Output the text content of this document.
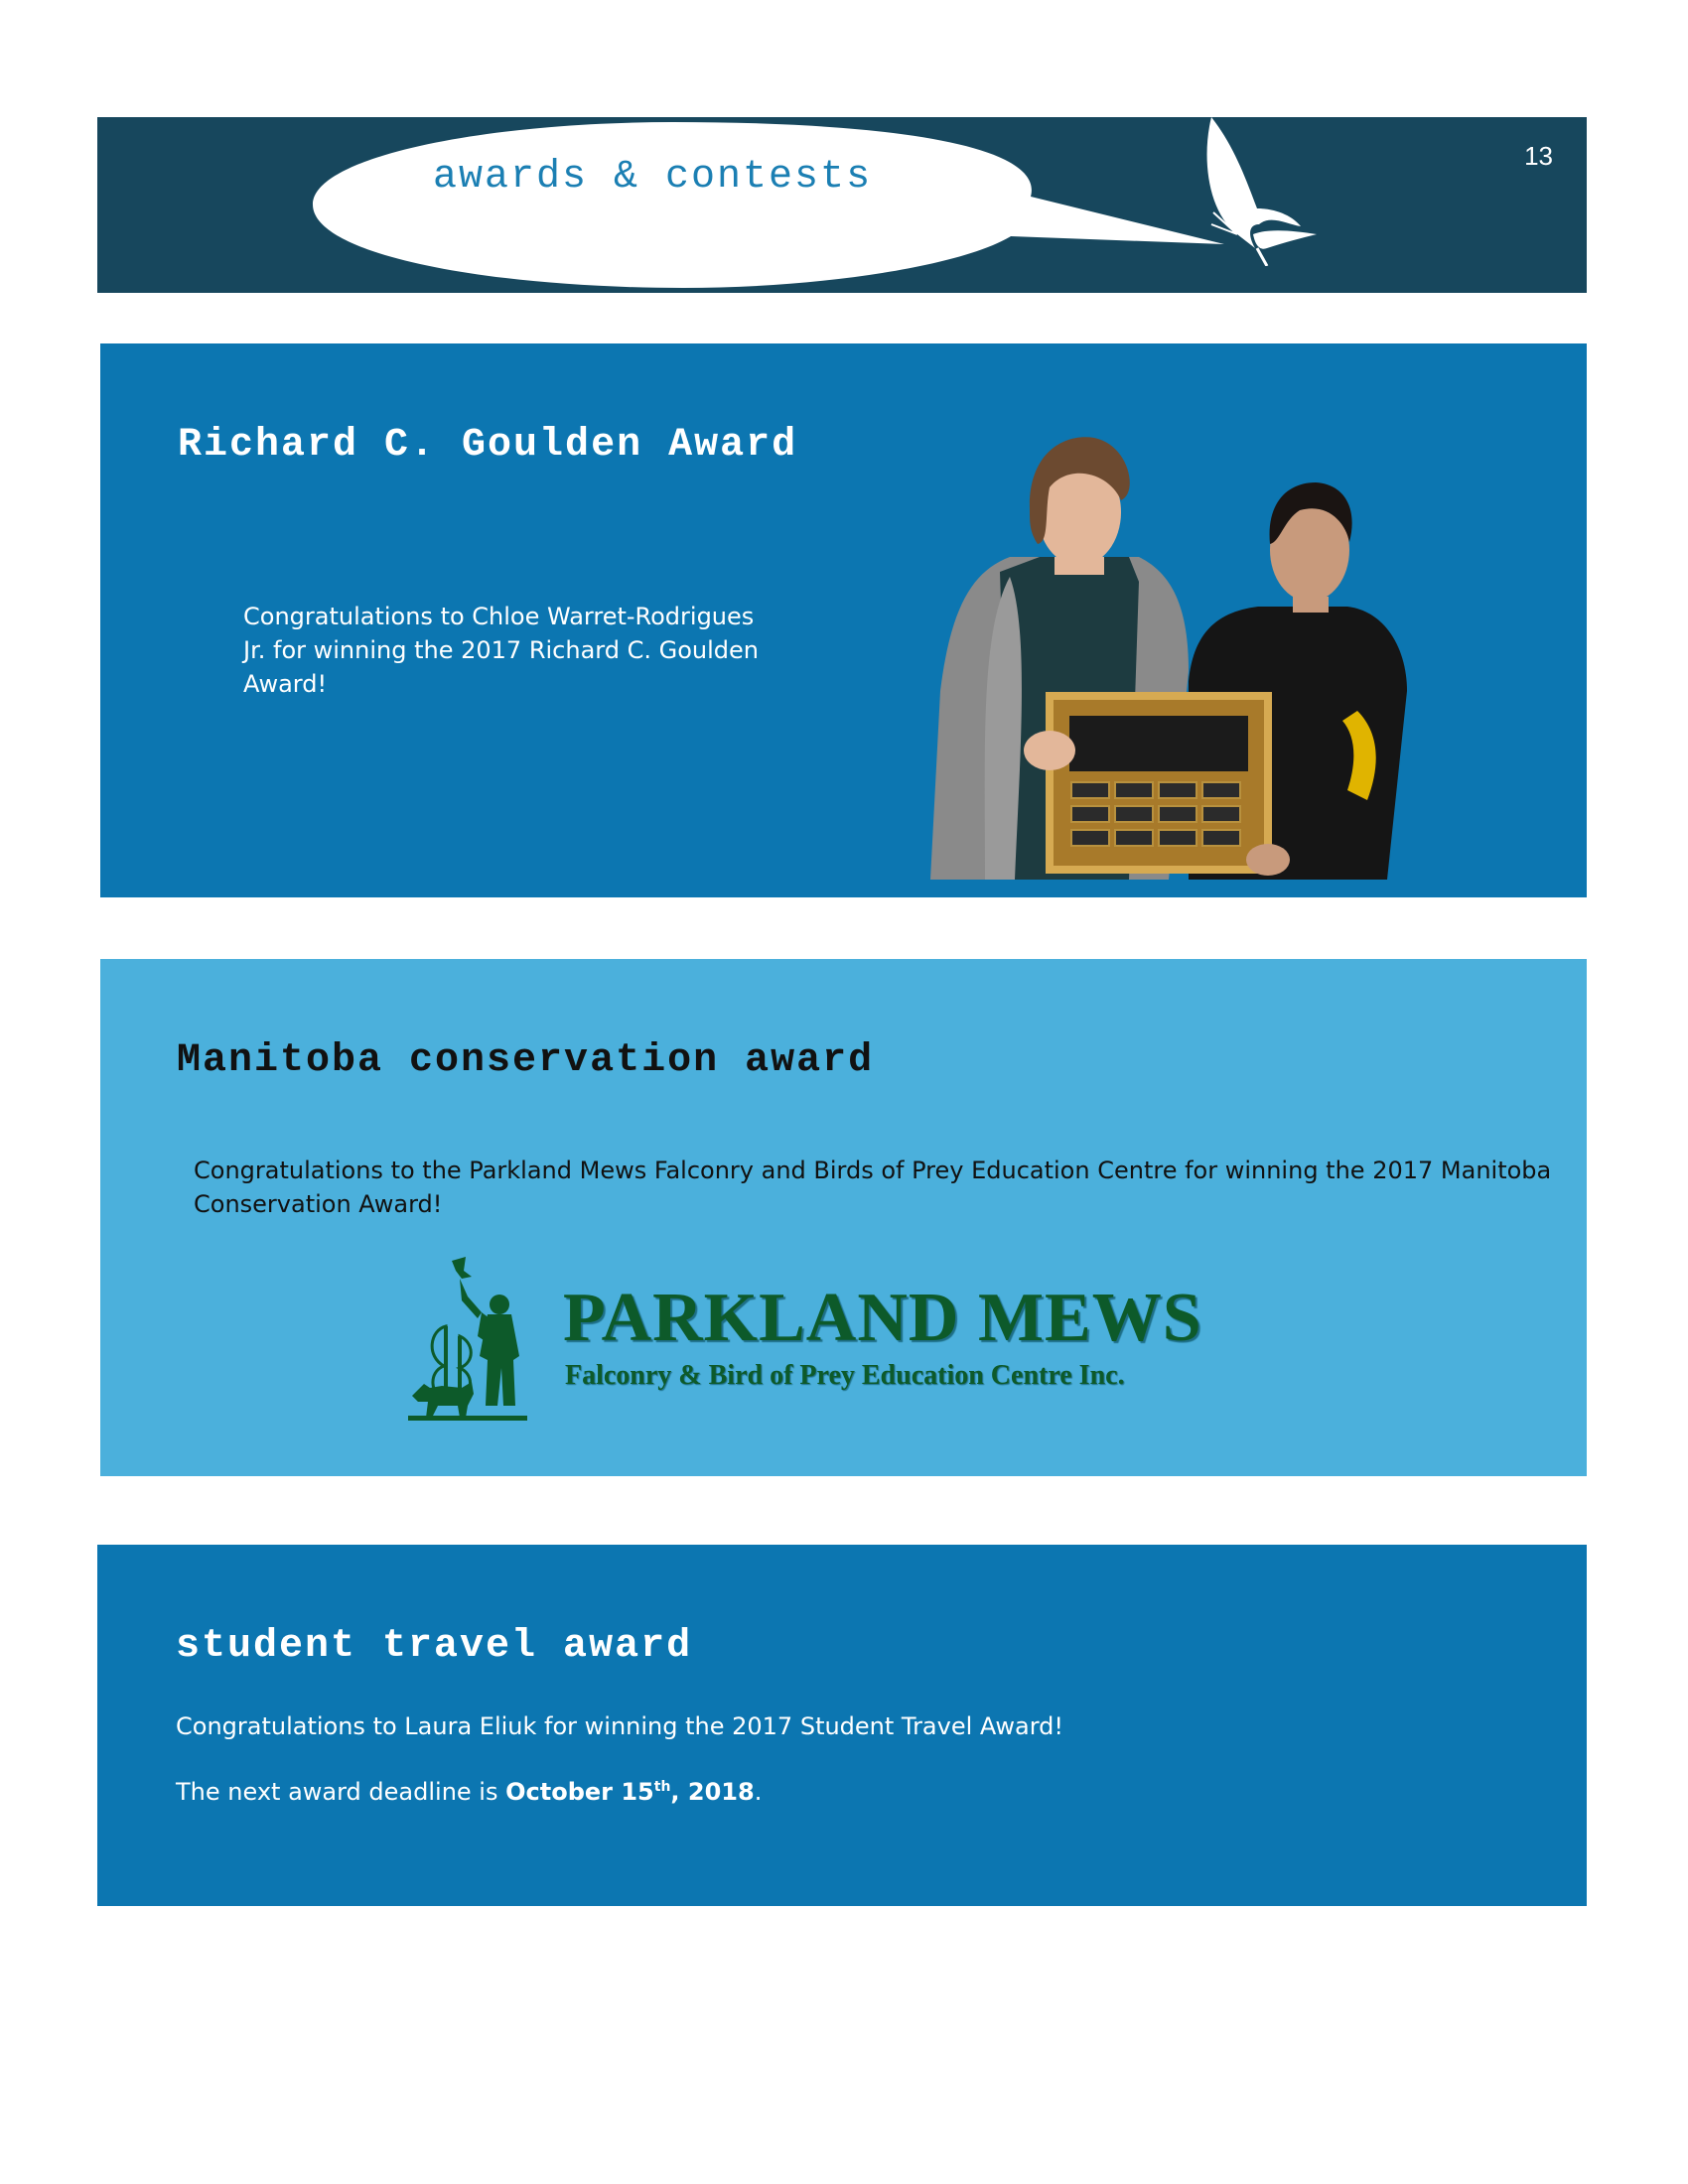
awards & contests	13
Richard C. Goulden Award

Congratulations to Chloe Warret-Rodrigues Jr. for winning the 2017 Richard C. Goulden Award!

Manitoba conservation award

Congratulations to the Parkland Mews Falconry and Birds of Prey Education Centre for winning the 2017 Manitoba Conservation Award!

PARKLAND MEWS
Falconry & Bird of Prey Education Centre Inc.
student travel award

Congratulations to Laura Eliuk for winning the 2017 Student Travel Award!

The next award deadline is October 15th, 2018.
